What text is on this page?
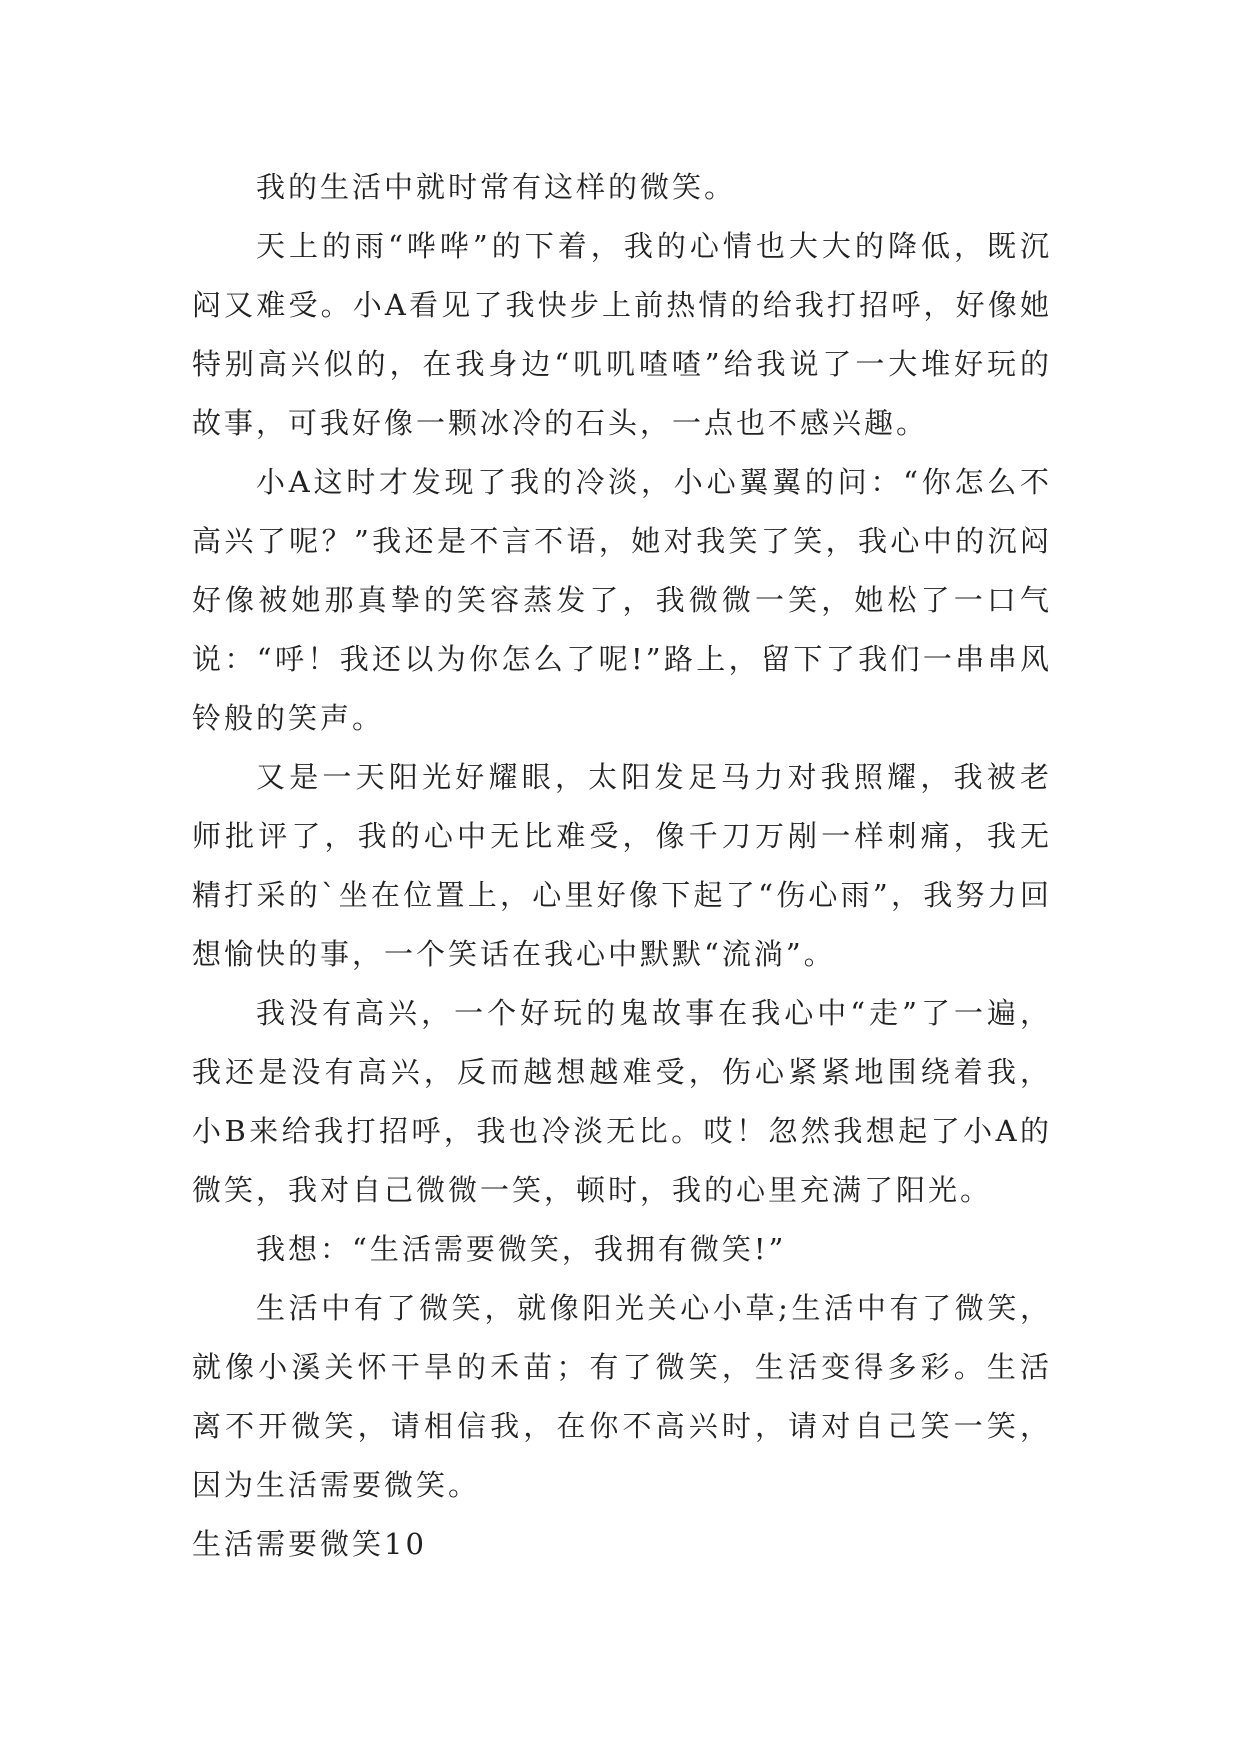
我的生活中就时常有这样的微笑。

天上的雨“哗哗”的下着，我的心情也大大的降低，既沉闷又难受。小A看见了我快步上前热情的给我打招呼，好像她特别高兴似的，在我身边“叽叽喳喳”给我说了一大堆好玩的故事，可我好像一颗冰冷的石头，一点也不感兴趣。

小A这时才发现了我的冷淡，小心翼翼的问：“你怎么不高兴了呢？”我还是不言不语，她对我笑了笑，我心中的沉闷好像被她那真挚的笑容蒸发了，我微微一笑，她松了一口气说：“呼！我还以为你怎么了呢!”路上，留下了我们一串串风铃般的笑声。

又是一天阳光好耀眼，太阳发足马力对我照耀，我被老师批评了，我的心中无比难受，像千刀万剐一样刺痛，我无精打采的`坐在位置上，心里好像下起了“伤心雨”，我努力回想愉快的事，一个笑话在我心中默默“流淌”。

我没有高兴，一个好玩的鬼故事在我心中“走”了一遍，我还是没有高兴，反而越想越难受，伤心紧紧地围绕着我，小B来给我打招呼，我也冷淡无比。哎！忽然我想起了小A的微笑，我对自己微微一笑，顿时，我的心里充满了阳光。

我想：“生活需要微笑，我拥有微笑!”

生活中有了微笑，就像阳光关心小草;生活中有了微笑，就像小溪关怀干旱的禾苗；有了微笑，生活变得多彩。生活离不开微笑，请相信我，在你不高兴时，请对自己笑一笑，因为生活需要微笑。

生活需要微笑10
